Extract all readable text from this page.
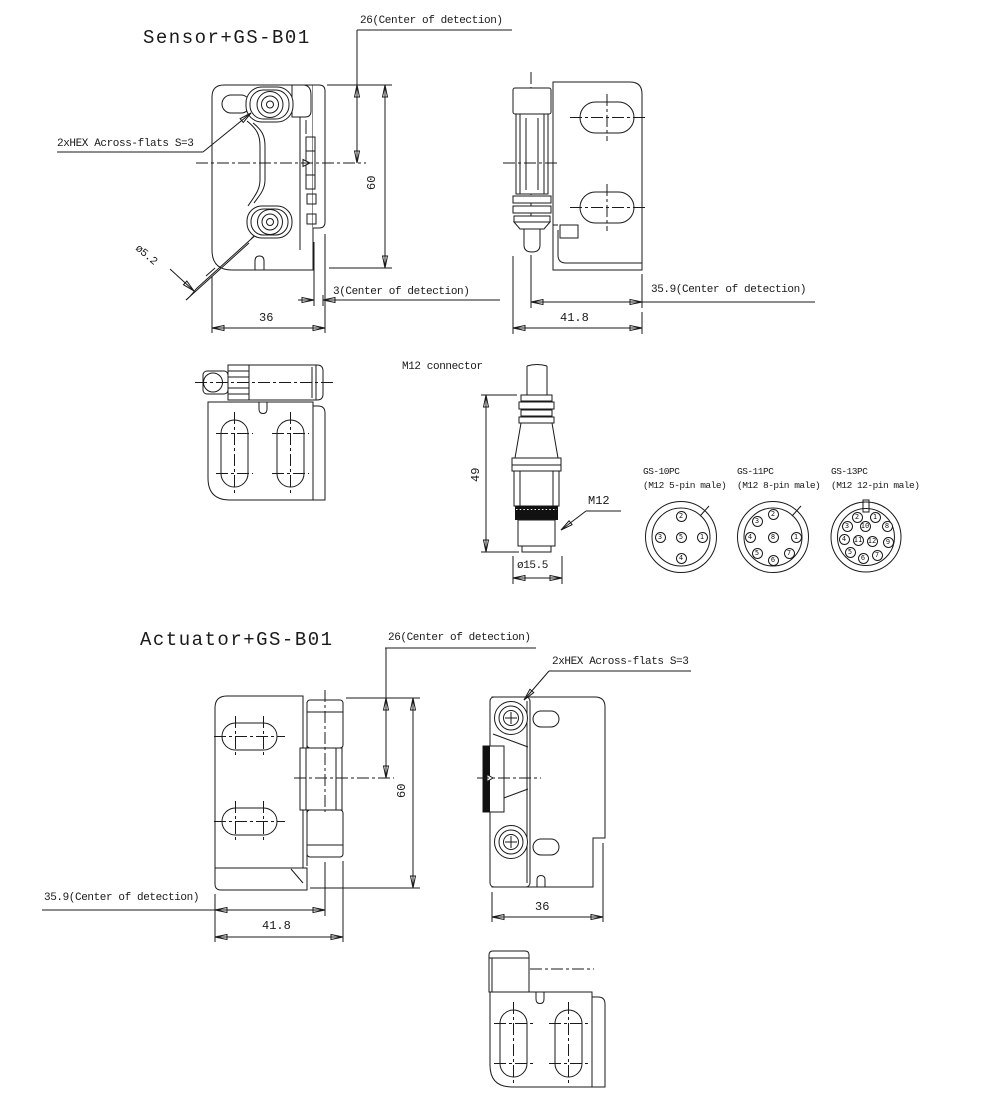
Sensor+GS-B01
26(Center of detection)
2xHEX Across-flats S=3
ø5.2
60
3(Center of detection)
36
35.9(Center of detection)
41.8
M12 connector
49
M12
ø15.5
GS-10PC
(M12 5-pin male)
GS-11PC
(M12 8-pin male)
GS-13PC
(M12 12-pin male)
2
3	5	1
4
2
3
4
5
6
7
1
8
1
2
3
4
5
6	7
8
9
10
11 12
Actuator+GS-B01	26(Center of detection)
2xHEX Across-flats S=3
60
35.9(Center of detection)
41.8
36
